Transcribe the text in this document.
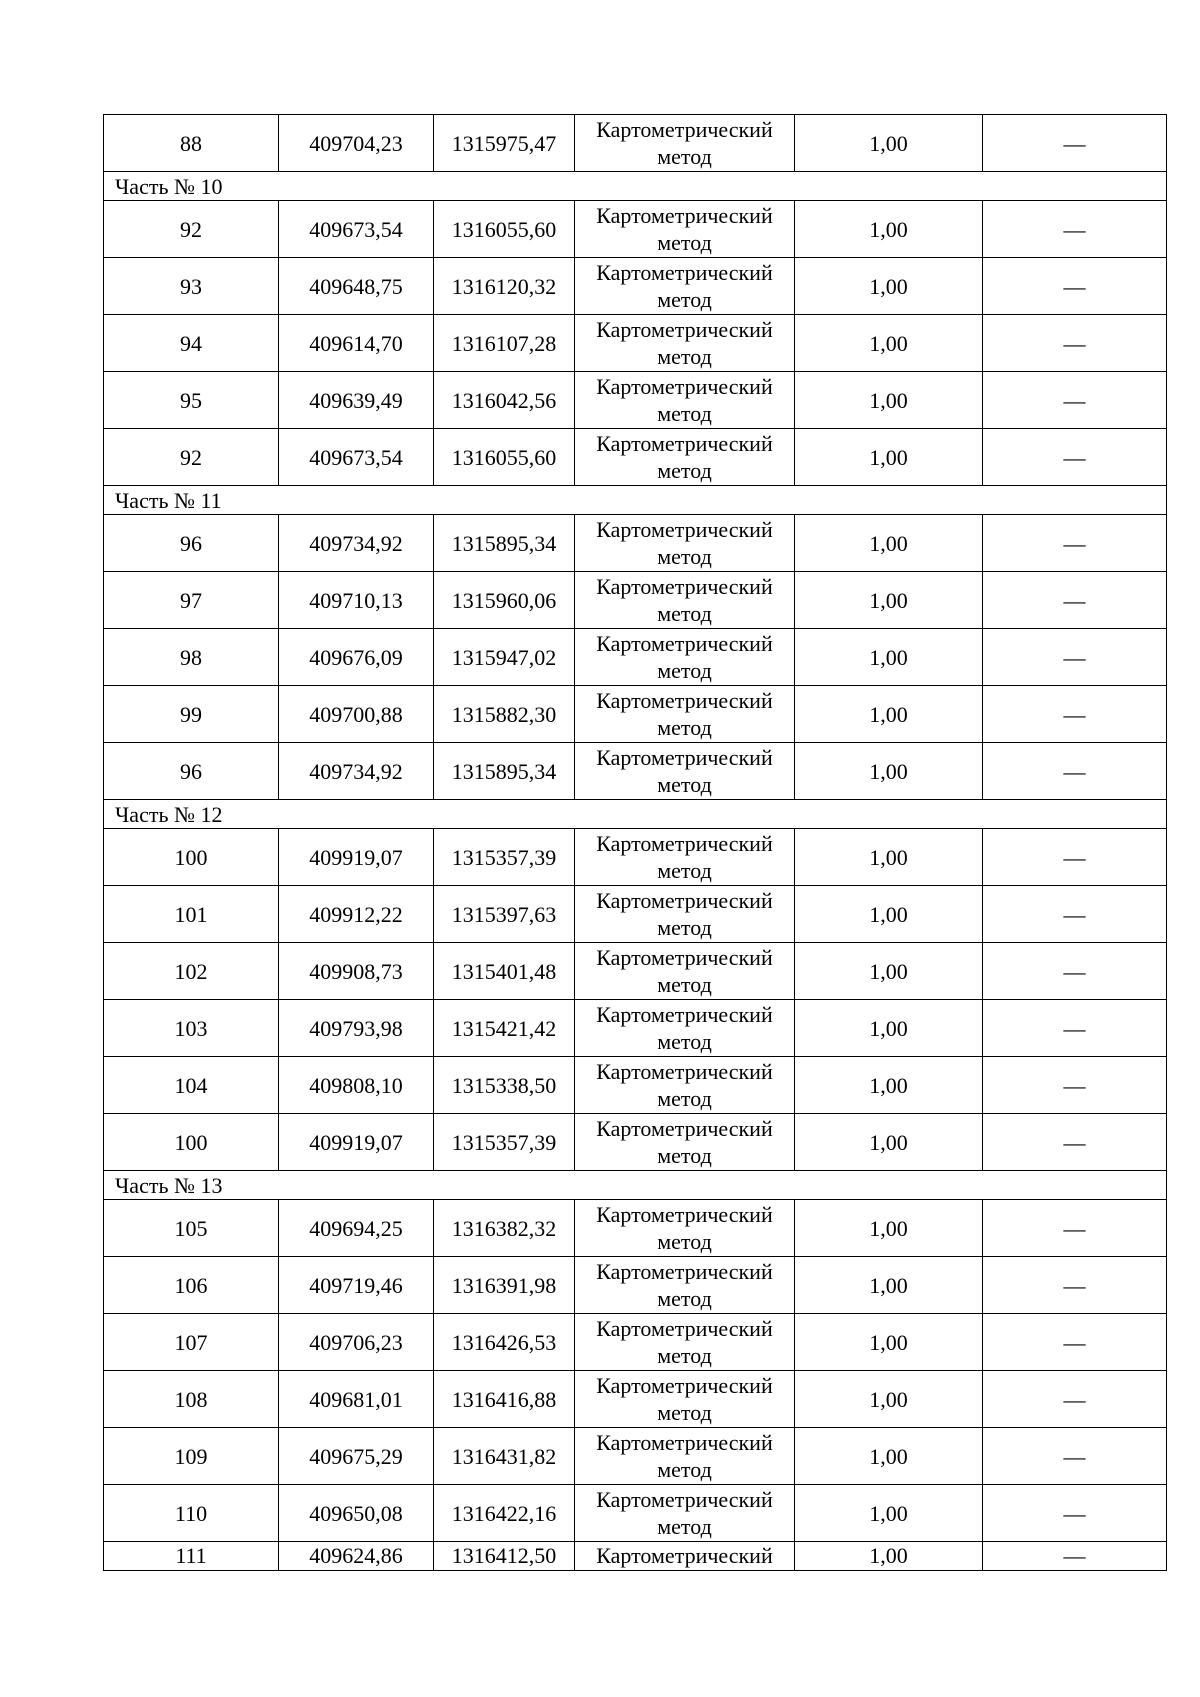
88	409704,23	1315975,47	Картометрический метод	1,00	—
Часть № 10					
92	409673,54	1316055,60	Картометрический метод	1,00	—
93	409648,75	1316120,32	Картометрический метод	1,00	—
94	409614,70	1316107,28	Картометрический метод	1,00	—
95	409639,49	1316042,56	Картометрический метод	1,00	—
92	409673,54	1316055,60	Картометрический метод	1,00	—
Часть № 11					
96	409734,92	1315895,34	Картометрический метод	1,00	—
97	409710,13	1315960,06	Картометрический метод	1,00	—
98	409676,09	1315947,02	Картометрический метод	1,00	—
99	409700,88	1315882,30	Картометрический метод	1,00	—
96	409734,92	1315895,34	Картометрический метод	1,00	—
Часть № 12					
100	409919,07	1315357,39	Картометрический метод	1,00	—
101	409912,22	1315397,63	Картометрический метод	1,00	—
102	409908,73	1315401,48	Картометрический метод	1,00	—
103	409793,98	1315421,42	Картометрический метод	1,00	—
104	409808,10	1315338,50	Картометрический метод	1,00	—
100	409919,07	1315357,39	Картометрический метод	1,00	—
Часть № 13					
105	409694,25	1316382,32	Картометрический метод	1,00	—
106	409719,46	1316391,98	Картометрический метод	1,00	—
107	409706,23	1316426,53	Картометрический метод	1,00	—
108	409681,01	1316416,88	Картометрический метод	1,00	—
109	409675,29	1316431,82	Картометрический метод	1,00	—
110	409650,08	1316422,16	Картометрический метод	1,00	—
111	409624,86	1316412,50	Картометрический	1,00	—
